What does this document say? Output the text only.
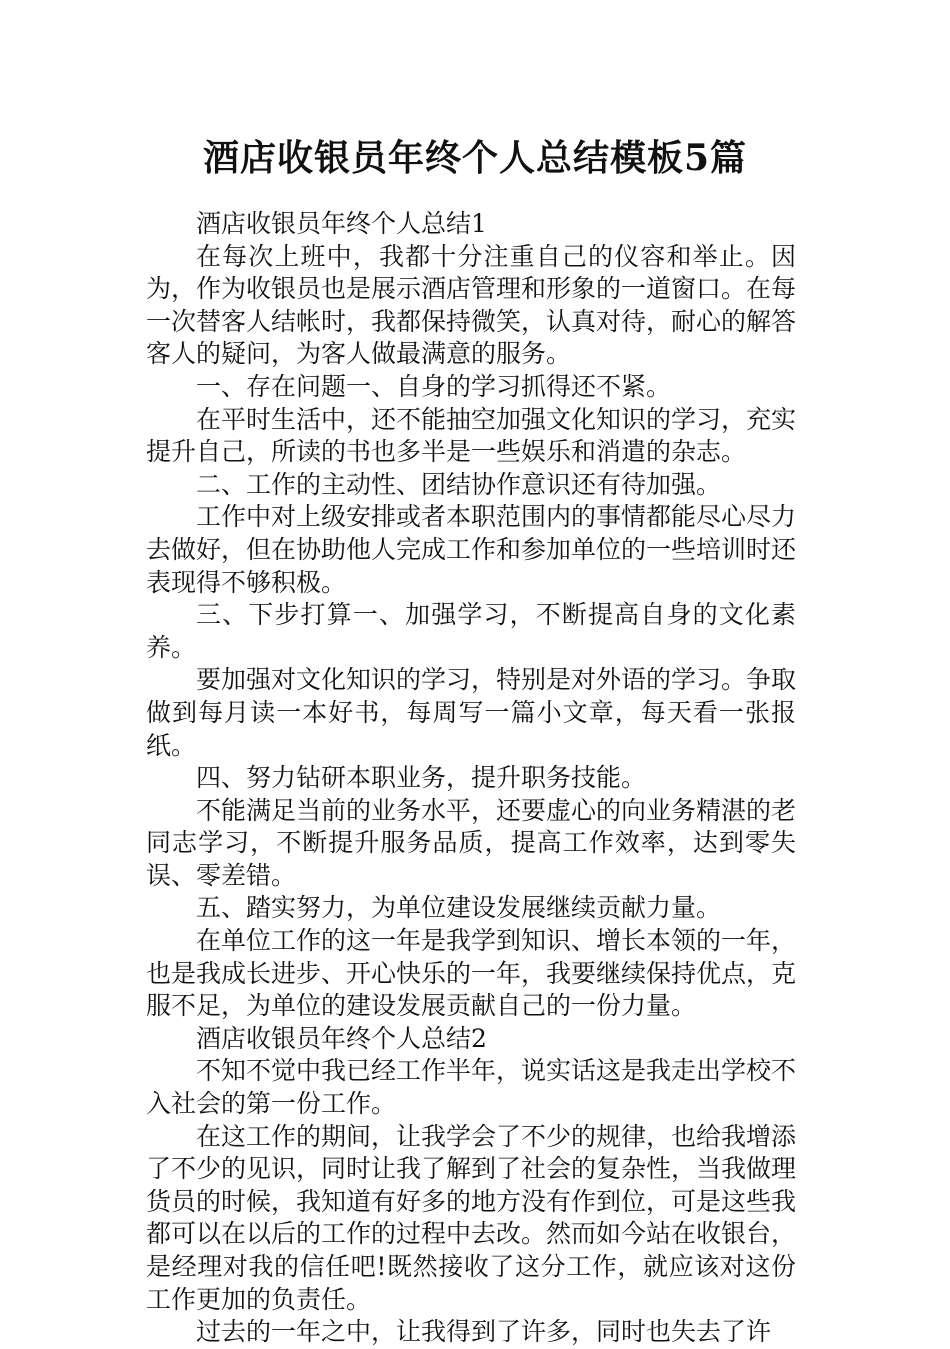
酒店收银员年终个人总结模板5篇

酒店收银员年终个人总结1

在每次上班中，我都十分注重自己的仪容和举止。因为，作为收银员也是展示酒店管理和形象的一道窗口。在每一次替客人结帐时，我都保持微笑，认真对待，耐心的解答客人的疑问，为客人做最满意的服务。

一、存在问题一、自身的学习抓得还不紧。

在平时生活中，还不能抽空加强文化知识的学习，充实提升自己，所读的书也多半是一些娱乐和消遣的杂志。

二、工作的主动性、团结协作意识还有待加强。

工作中对上级安排或者本职范围内的事情都能尽心尽力去做好，但在协助他人完成工作和参加单位的一些培训时还表现得不够积极。

三、下步打算一、加强学习，不断提高自身的文化素养。

要加强对文化知识的学习，特别是对外语的学习。争取做到每月读一本好书，每周写一篇小文章，每天看一张报纸。

四、努力钻研本职业务，提升职务技能。

不能满足当前的业务水平，还要虚心的向业务精湛的老同志学习，不断提升服务品质，提高工作效率，达到零失误、零差错。

五、踏实努力，为单位建设发展继续贡献力量。

在单位工作的这一年是我学到知识、增长本领的一年，也是我成长进步、开心快乐的一年，我要继续保持优点，克服不足，为单位的建设发展贡献自己的一份力量。

酒店收银员年终个人总结2

不知不觉中我已经工作半年，说实话这是我走出学校不入社会的第一份工作。

在这工作的期间，让我学会了不少的规律，也给我增添了不少的见识，同时让我了解到了社会的复杂性，当我做理货员的时候，我知道有好多的地方没有作到位，可是这些我都可以在以后的工作的过程中去改。然而如今站在收银台，是经理对我的信任吧!既然接收了这分工作，就应该对这份工作更加的负责任。

过去的一年之中，让我得到了许多，同时也失去了许
